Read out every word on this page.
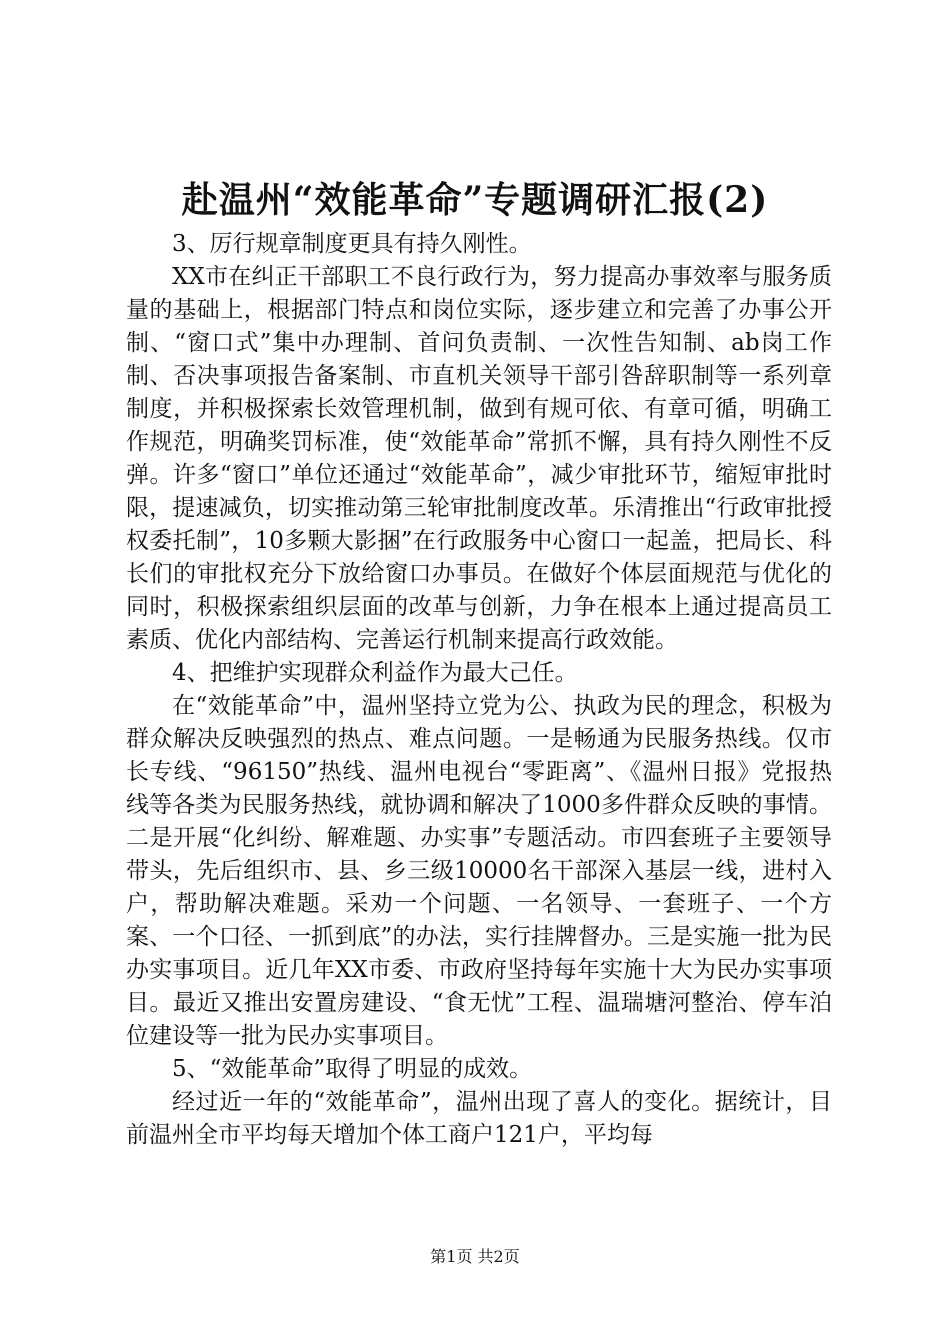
赴温州“效能革命”专题调研汇报(2)

3、厉行规章制度更具有持久刚性。

XX市在纠正干部职工不良行政行为，努力提高办事效率与服务质量的基础上，根据部门特点和岗位实际，逐步建立和完善了办事公开制、“窗口式”集中办理制、首问负责制、一次性告知制、ab岗工作制、否决事项报告备案制、市直机关领导干部引咎辞职制等一系列章制度，并积极探索长效管理机制，做到有规可依、有章可循，明确工作规范，明确奖罚标准，使“效能革命”常抓不懈，具有持久刚性不反弹。许多“窗口”单位还通过“效能革命”，减少审批环节，缩短审批时限，提速减负，切实推动第三轮审批制度改革。乐清推出“行政审批授权委托制”，10多颗大影捆”在行政服务中心窗口一起盖，把局长、科长们的审批权充分下放给窗口办事员。在做好个体层面规范与优化的同时，积极探索组织层面的改革与创新，力争在根本上通过提高员工素质、优化内部结构、完善运行机制来提高行政效能。

4、把维护实现群众利益作为最大己任。

在“效能革命”中，温州坚持立党为公、执政为民的理念，积极为群众解决反映强烈的热点、难点问题。一是畅通为民服务热线。仅市长专线、“96150”热线、温州电视台“零距离”、《温州日报》党报热线等各类为民服务热线，就协调和解决了1000多件群众反映的事情。二是开展“化纠纷、解难题、办实事”专题活动。市四套班子主要领导带头，先后组织市、县、乡三级10000名干部深入基层一线，进村入户，帮助解决难题。采劝一个问题、一名领导、一套班子、一个方案、一个口径、一抓到底”的办法，实行挂牌督办。三是实施一批为民办实事项目。近几年XX市委、市政府坚持每年实施十大为民办实事项目。最近又推出安置房建设、“食无忧”工程、温瑞塘河整治、停车泊位建设等一批为民办实事项目。

5、“效能革命”取得了明显的成效。

经过近一年的“效能革命”，温州出现了喜人的变化。据统计，目前温州全市平均每天增加个体工商户121户，平均每

第1页 共2页
